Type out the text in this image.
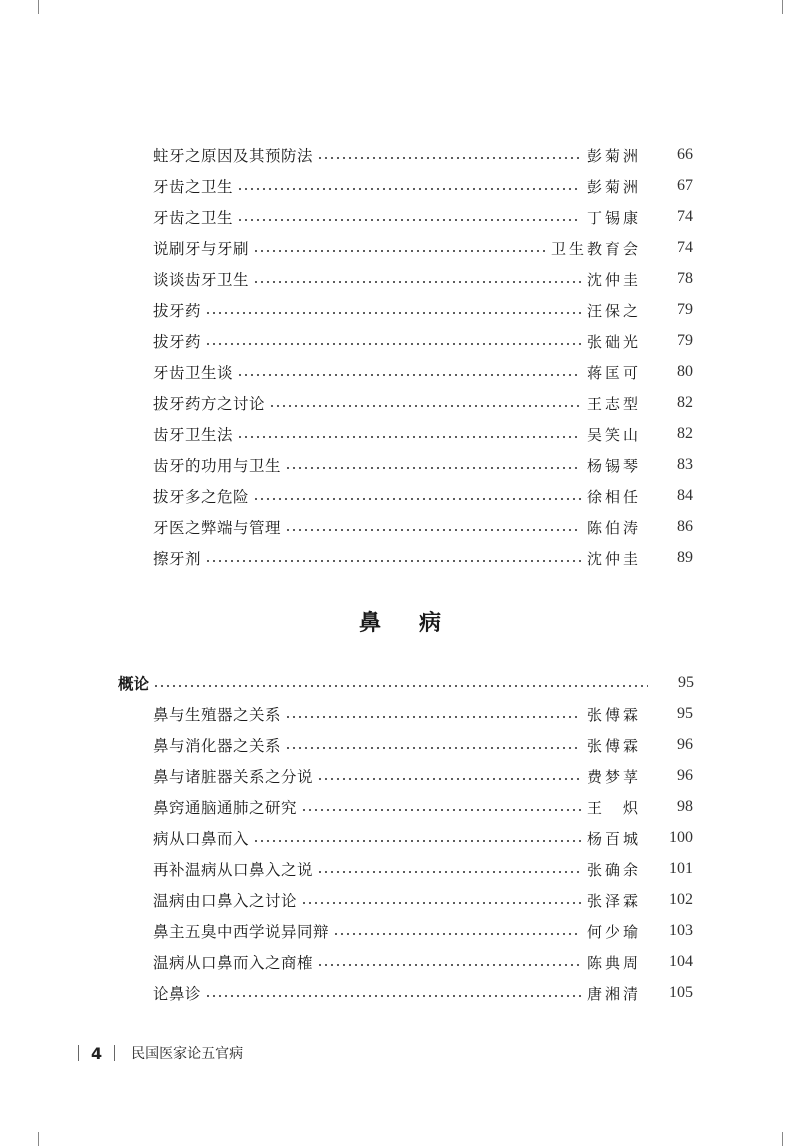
蛀牙之原因及其预防法	彭菊洲	66
牙齿之卫生	彭菊洲	67
牙齿之卫生	丁锡康	74
说刷牙与牙刷	卫生教育会	74
谈谈齿牙卫生	沈仲圭	78
拔牙药	汪保之	79
拔牙药	张础光	79
牙齿卫生谈	蒋匡可	80
拔牙药方之讨论	王志型	82
齿牙卫生法	吴笑山	82
齿牙的功用与卫生	杨锡琴	83
拔牙多之危险	徐相任	84
牙医之弊端与管理	陈伯涛	86
擦牙剂	沈仲圭	89
概论	95
鼻与生殖器之关系	张傅霖	95
鼻与消化器之关系	张傅霖	96
鼻与诸脏器关系之分说	费梦莩	96
鼻窍通脑通肺之研究	王　炽	98
病从口鼻而入	杨百城	100
再补温病从口鼻入之说	张确余	101
温病由口鼻入之讨论	张泽霖	102
鼻主五臭中西学说异同辩	何少瑜	103
温病从口鼻而入之商榷	陈典周	104
论鼻诊	唐湘清	105
鼻病
4 民国医家论五官病
